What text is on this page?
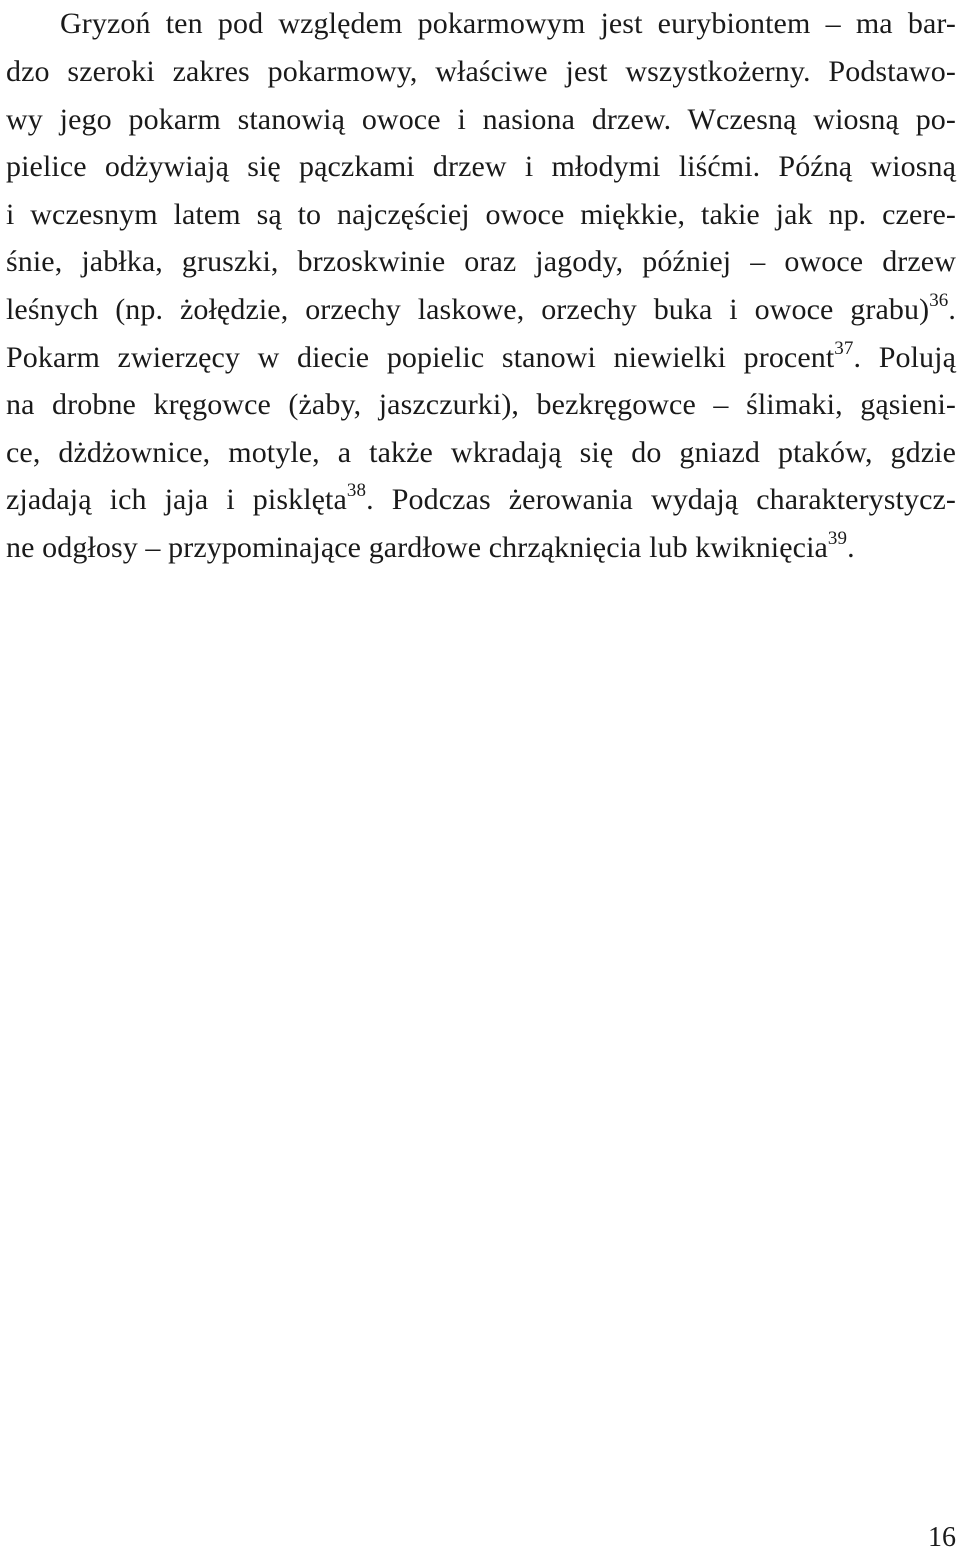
Gryzoń ten pod względem pokarmowym jest eurybiontem – ma bar-
dzo szeroki zakres pokarmowy, właściwe jest wszystkożerny. Podstawo-
wy jego pokarm stanowią owoce i nasiona drzew. Wczesną wiosną po-
pielice odżywiają się pączkami drzew i młodymi liśćmi. Późną wiosną
i wczesnym latem są to najczęściej owoce miękkie, takie jak np. czere-
śnie, jabłka, gruszki, brzoskwinie oraz jagody, później – owoce drzew
leśnych (np. żołędzie, orzechy laskowe, orzechy buka i owoce grabu)$^{36}$.
Pokarm zwierzęcy w diecie popielic stanowi niewielki procent$^{37}$. Polują
na drobne kręgowce (żaby, jaszczurki), bezkręgowce – ślimaki, gąsieni-
ce, dżdżownice, motyle, a także wkradają się do gniazd ptaków, gdzie
zjadają ich jaja i pisklęta$^{38}$. Podczas żerowania wydają charakterystycz-
ne odgłosy – przypominające gardłowe chrząknięcia lub kwiknięcia$^{39}$.
16
